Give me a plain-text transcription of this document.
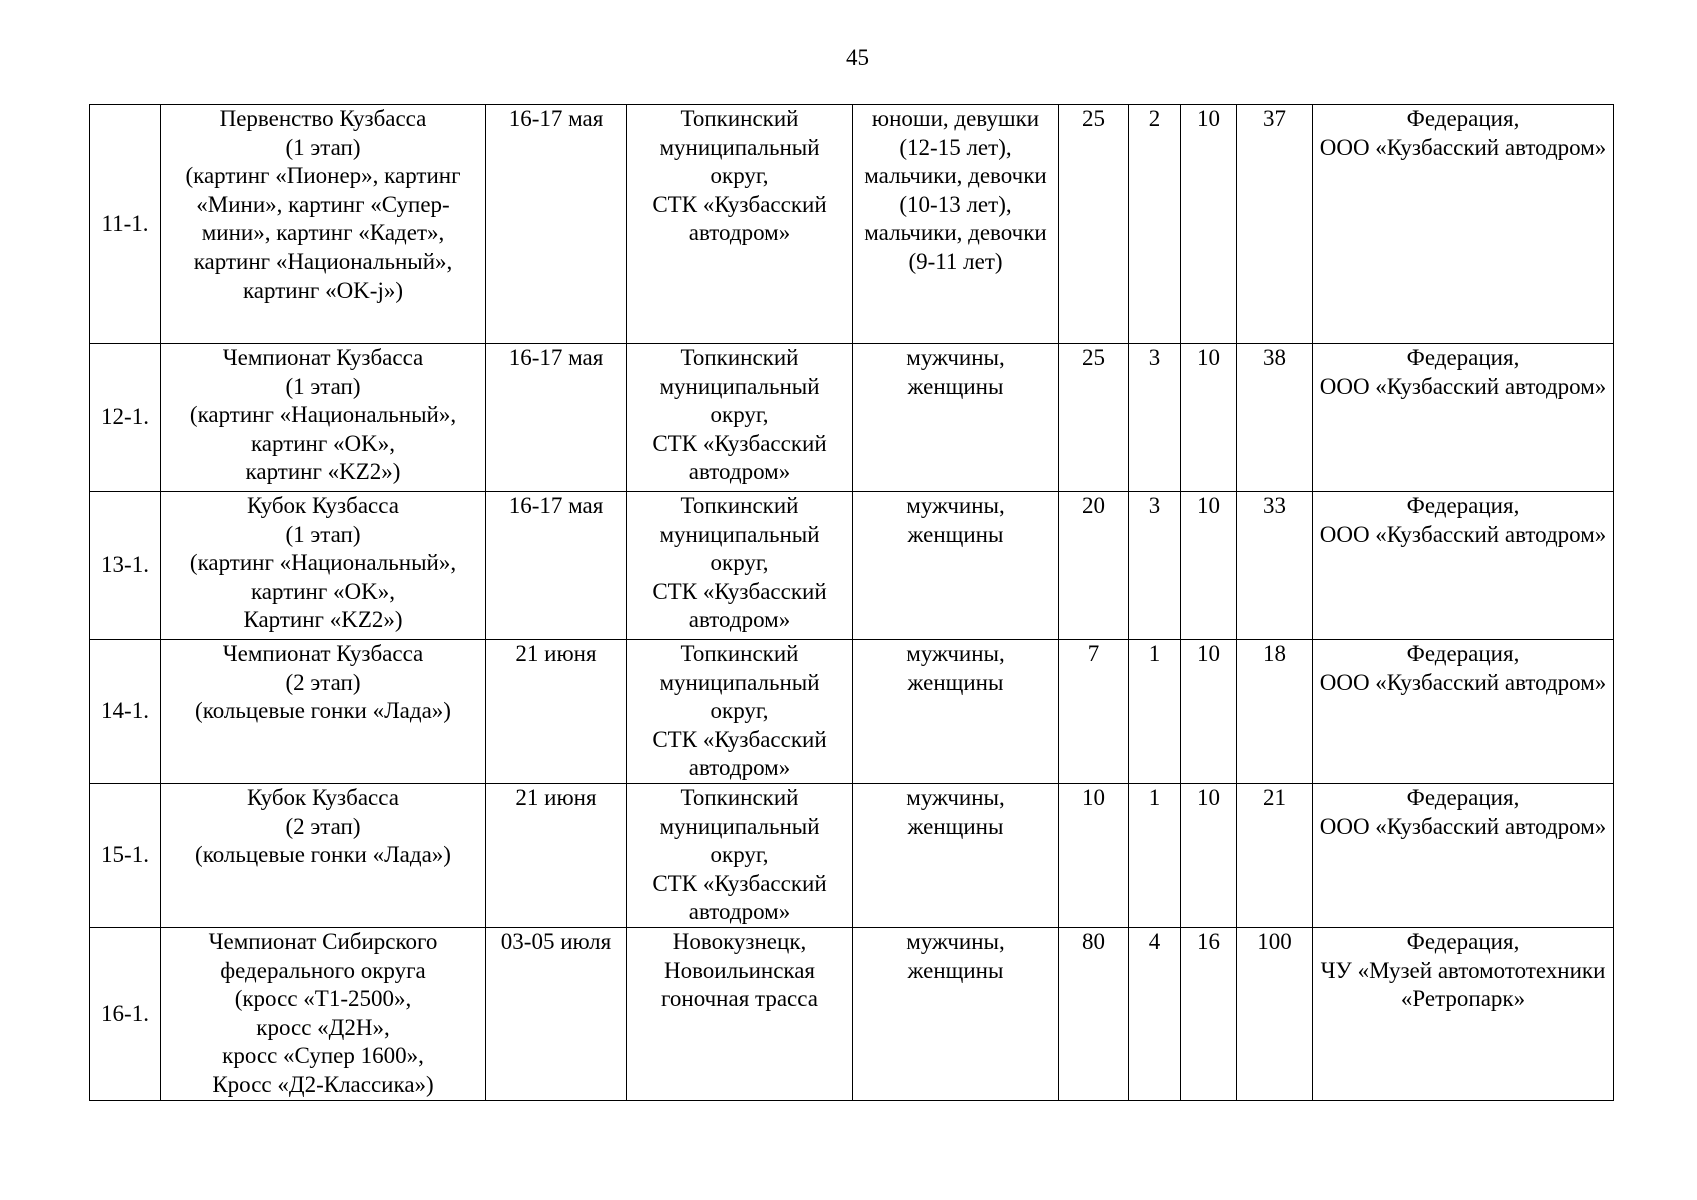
45
11-1.	Первенство Кузбасса
(1 этап)
(картинг «Пионер», картинг «Мини», картинг «Супер-мини», картинг «Кадет», картинг «Национальный», картинг «OK-j»)	16-17 мая	Топкинский муниципальный округ,
СТК «Кузбасский автодром»	юноши, девушки (12-15 лет), мальчики, девочки
(10-13 лет), мальчики, девочки
(9-11 лет)	25	2	10	37	Федерация,
ООО «Кузбасский автодром»
12-1.	Чемпионат Кузбасса
(1 этап)
(картинг «Национальный», картинг «OK»,
картинг «KZ2»)	16-17 мая	Топкинский муниципальный округ,
СТК «Кузбасский автодром»	мужчины, женщины	25	3	10	38	Федерация,
ООО «Кузбасский автодром»
13-1.	Кубок Кузбасса
(1 этап)
(картинг «Национальный», картинг «OK»,
Картинг «KZ2»)	16-17 мая	Топкинский муниципальный округ,
СТК «Кузбасский автодром»	мужчины, женщины	20	3	10	33	Федерация,
ООО «Кузбасский автодром»
14-1.	Чемпионат Кузбасса
(2 этап)
(кольцевые гонки «Лада»)	21 июня	Топкинский муниципальный округ,
СТК «Кузбасский автодром»	мужчины, женщины	7	1	10	18	Федерация,
ООО «Кузбасский автодром»
15-1.	Кубок Кузбасса
(2 этап)
(кольцевые гонки «Лада»)	21 июня	Топкинский муниципальный округ,
СТК «Кузбасский автодром»	мужчины, женщины	10	1	10	21	Федерация,
ООО «Кузбасский автодром»
16-1.	Чемпионат Сибирского федерального округа
(кросс «Т1-2500»,
кросс «Д2Н»,
кросс «Супер 1600»,
Кросс «Д2-Классика»)	03-05 июля	Новокузнецк, Новоильинская гоночная трасса	мужчины, женщины	80	4	16	100	Федерация,
ЧУ «Музей автомототехники «Ретропарк»
